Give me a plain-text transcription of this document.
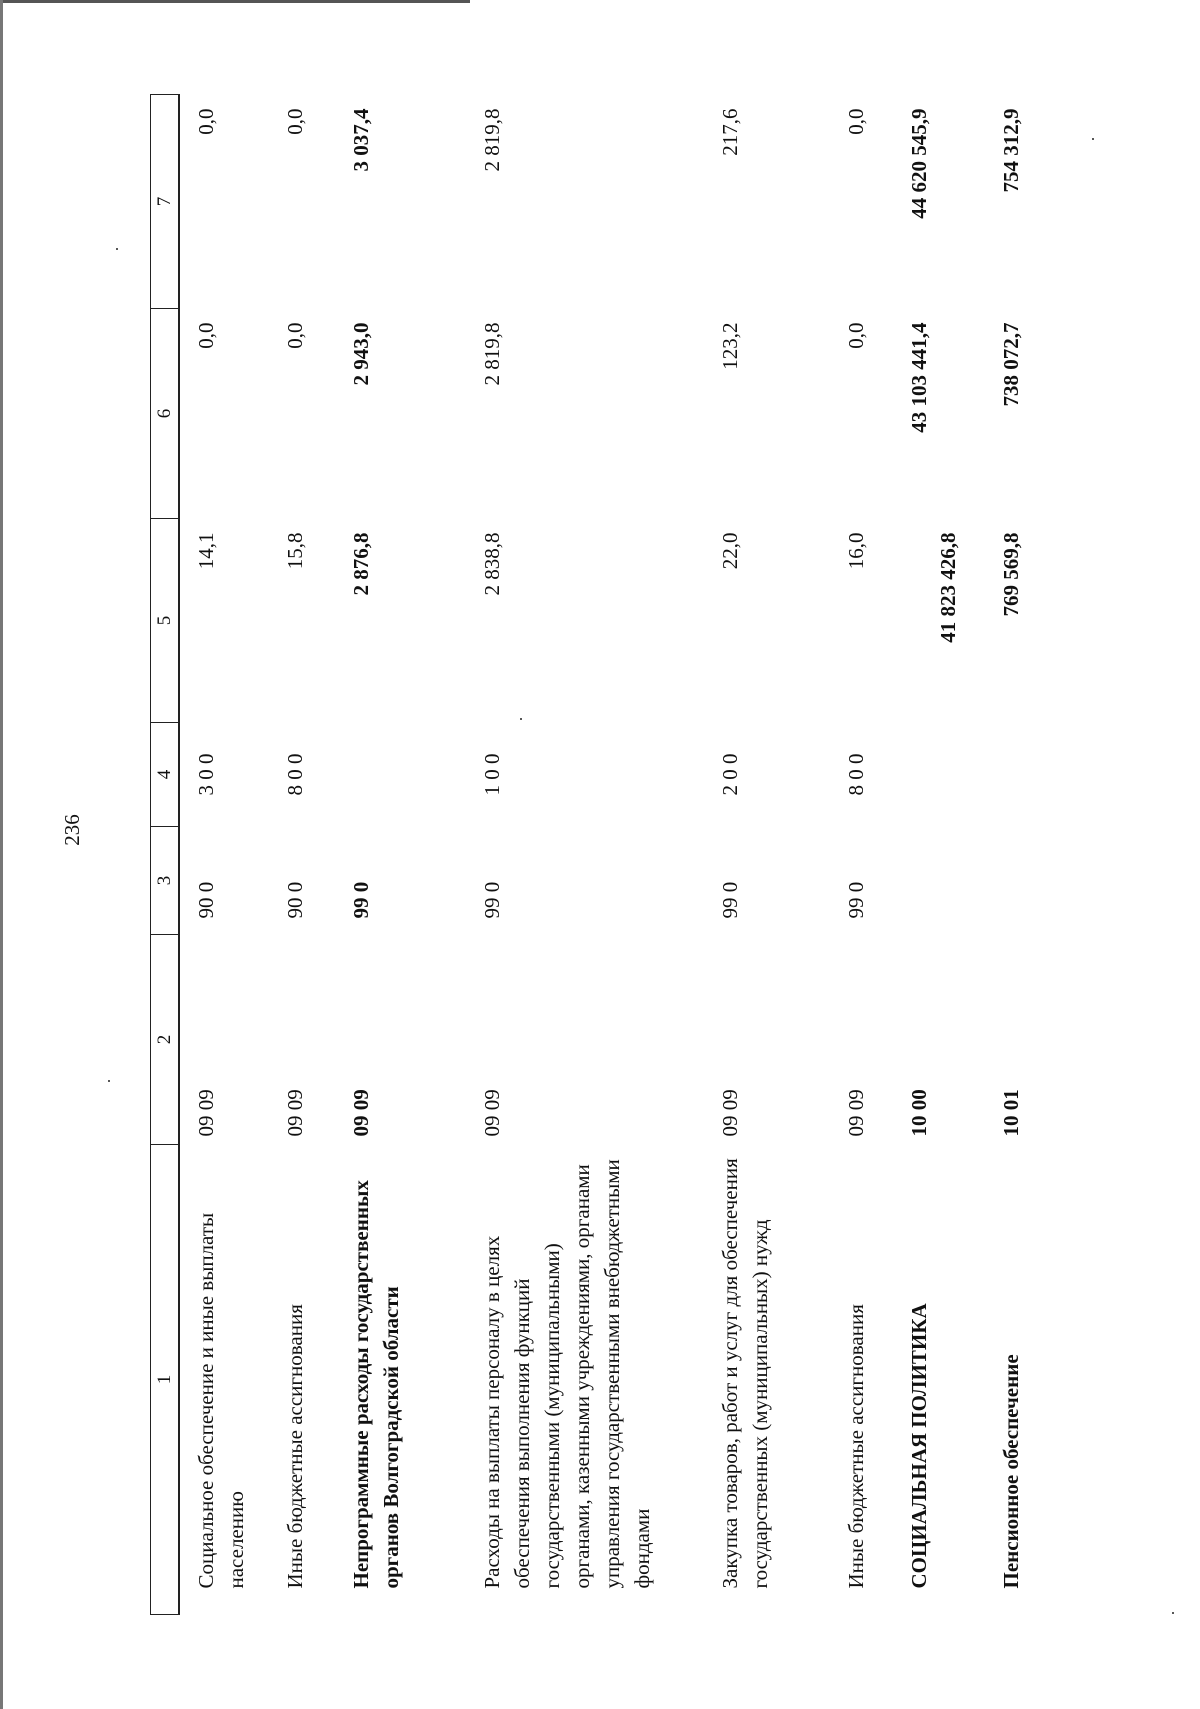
236
1	2	3	4	5	6	7
Социальное обеспечение и иные выплаты населению	09 09	90 0	3 0 0	14,1	0,0	0,0
Иные бюджетные ассигнования	09 09	90 0	8 0 0	15,8	0,0	0,0
Непрограммные расходы государственных органов Волгоградской области	09 09	99 0		2 876,8	2 943,0	3 037,4
Расходы на выплаты персоналу в целях обеспечения выполнения функций государственными (муниципальными) органами, казенными учреждениями, органами управления государственными внебюджетными фондами	09 09	99 0	1 0 0	2 838,8	2 819,8	2 819,8
Закупка товаров, работ и услуг для обеспечения государственных (муниципальных) нужд	09 09	99 0	2 0 0	22,0	123,2	217,6
Иные бюджетные ассигнования	09 09	99 0	8 0 0	16,0	0,0	0,0
СОЦИАЛЬНАЯ ПОЛИТИКА	10 00			41 823 426,8	43 103 441,4	44 620 545,9
Пенсионное обеспечение	10 01			769 569,8	738 072,7	754 312,9
